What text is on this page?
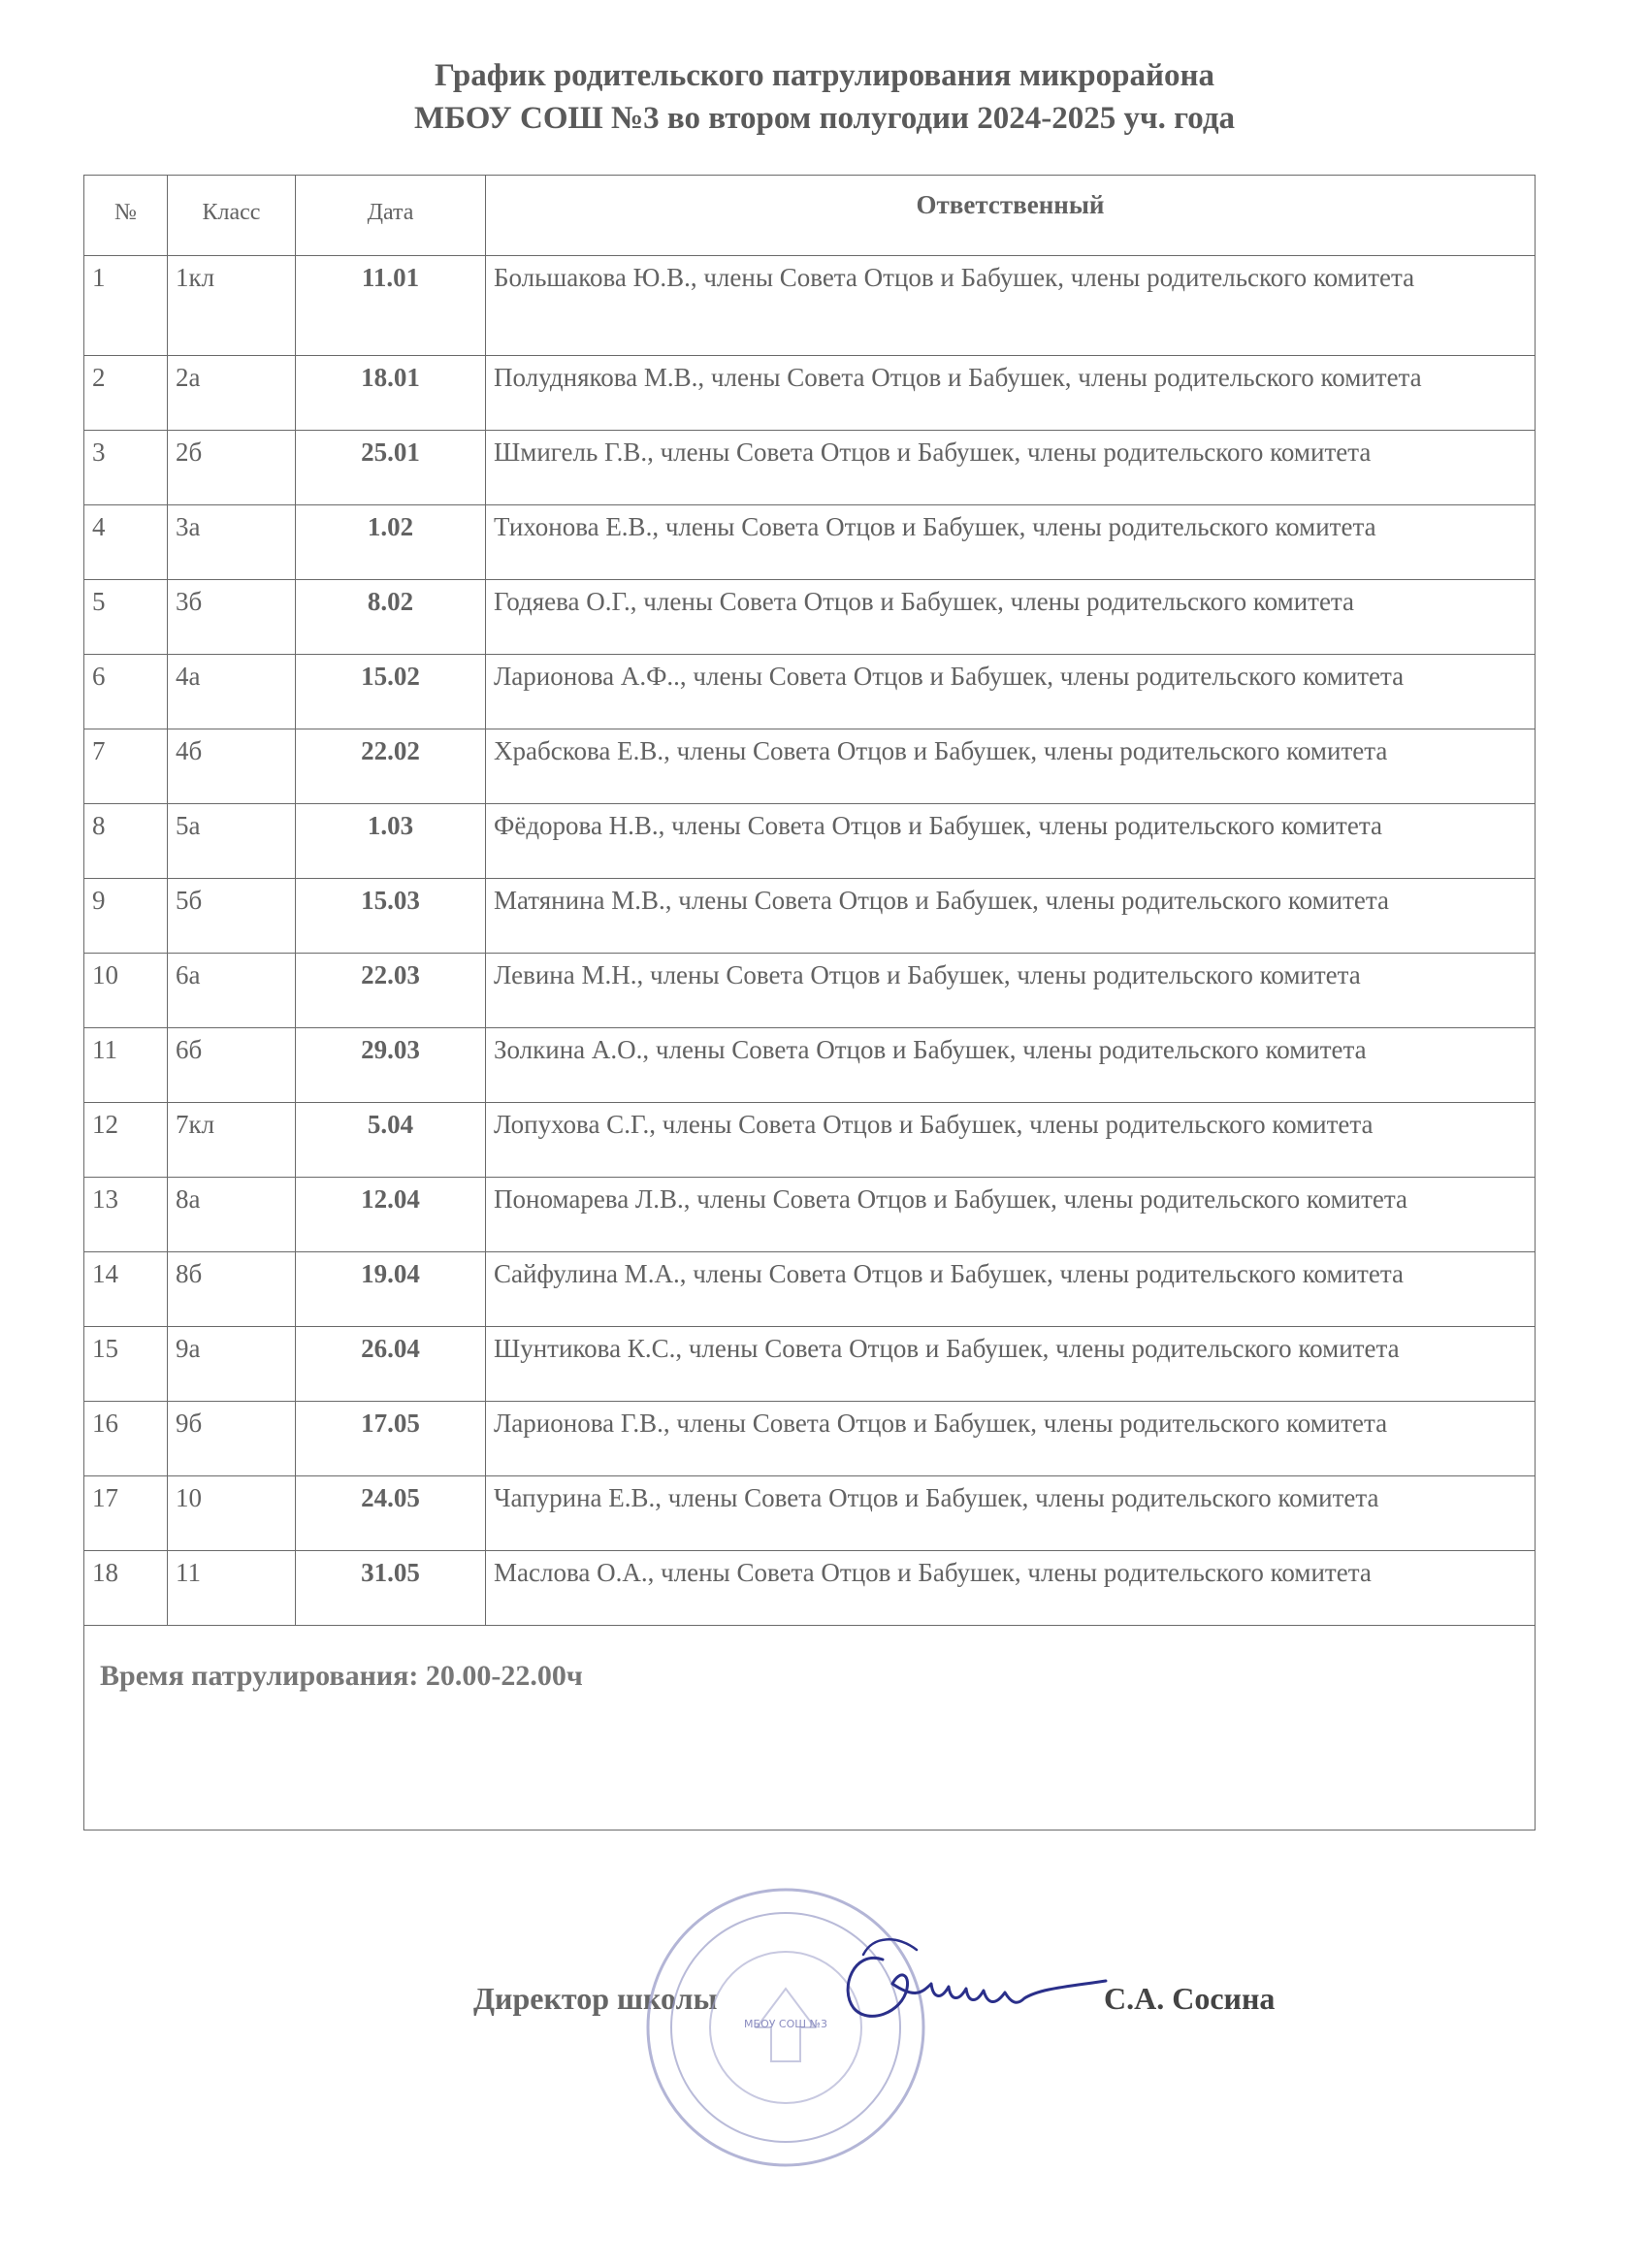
График родительского патрулирования микрорайона
МБОУ СОШ №3 во втором полугодии 2024-2025 уч. года
№	Класс	Дата	Ответственный
1	1кл	11.01	Большакова Ю.В., члены Совета Отцов и Бабушек, члены родительского комитета
2	2а	18.01	Полуднякова М.В., члены Совета Отцов и Бабушек, члены родительского комитета
3	2б	25.01	Шмигель Г.В., члены Совета Отцов и Бабушек, члены родительского комитета
4	3а	1.02	Тихонова Е.В., члены Совета Отцов и Бабушек, члены родительского комитета
5	3б	8.02	Годяева О.Г., члены Совета Отцов и Бабушек, члены родительского комитета
6	4а	15.02	Ларионова А.Ф.., члены Совета Отцов и Бабушек, члены родительского комитета
7	4б	22.02	Храбскова Е.В., члены Совета Отцов и Бабушек, члены родительского комитета
8	5а	1.03	Фёдорова Н.В., члены Совета Отцов и Бабушек, члены родительского комитета
9	5б	15.03	Матянина М.В., члены Совета Отцов и Бабушек, члены родительского комитета
10	6а	22.03	Левина М.Н., члены Совета Отцов и Бабушек, члены родительского комитета
11	6б	29.03	Золкина А.О., члены Совета Отцов и Бабушек, члены родительского комитета
12	7кл	5.04	Лопухова С.Г., члены Совета Отцов и Бабушек, члены родительского комитета
13	8а	12.04	Пономарева Л.В., члены Совета Отцов и Бабушек, члены родительского комитета
14	8б	19.04	Сайфулина М.А., члены Совета Отцов и Бабушек, члены родительского комитета
15	9а	26.04	Шунтикова К.С., члены Совета Отцов и Бабушек, члены родительского комитета
16	9б	17.05	Ларионова Г.В., члены Совета Отцов и Бабушек, члены родительского комитета
17	10	24.05	Чапурина Е.В., члены Совета Отцов и Бабушек, члены родительского комитета
18	11	31.05	Маслова О.А., члены Совета Отцов и Бабушек, члены родительского комитета
Время патрулирования: 20.00-22.00ч			
Директор школы
МБОУ СОШ №3
С.А. Сосина
